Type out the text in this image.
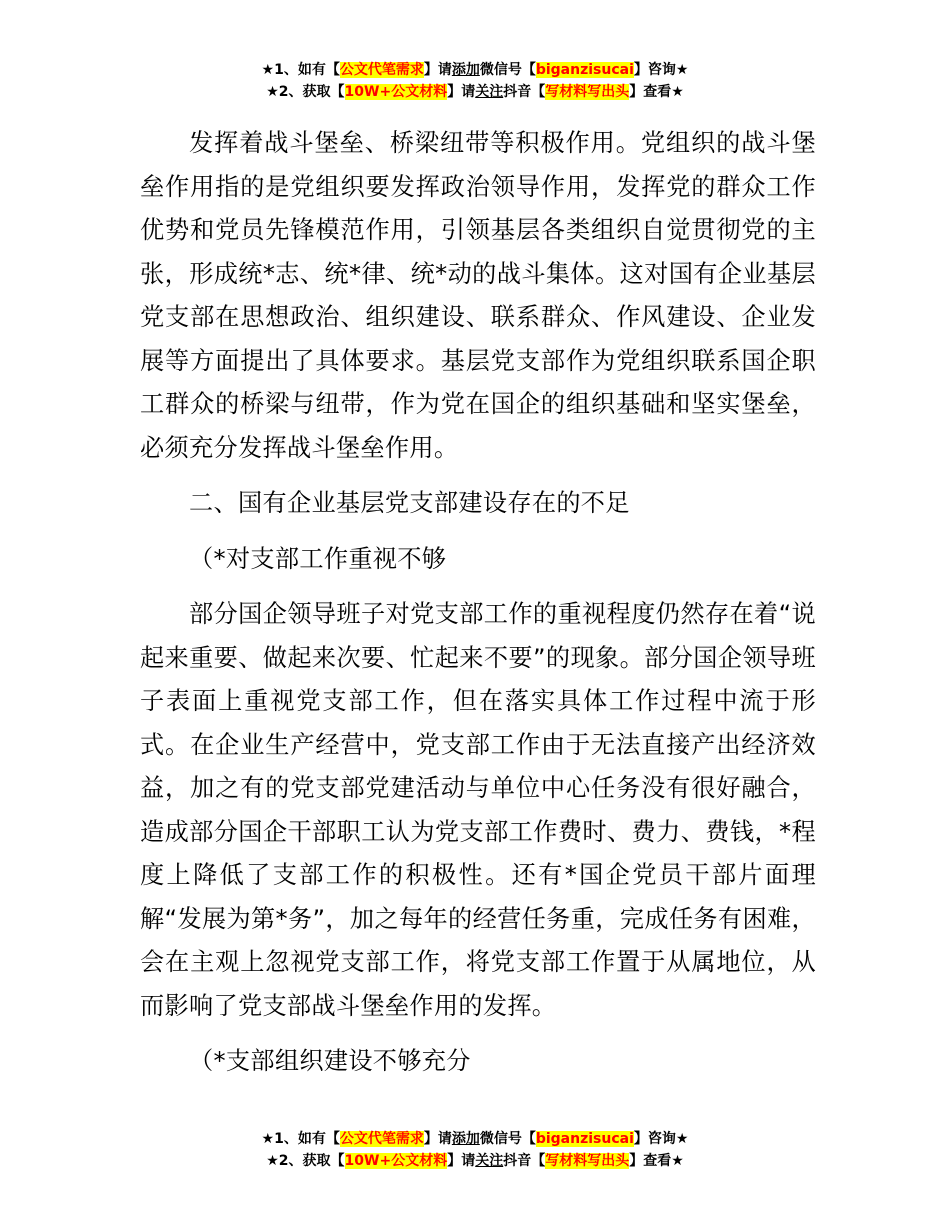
★1、如有【公文代笔需求】请添加微信号【biganzisucai】咨询★
★2、获取【10W+公文材料】请关注抖音【写材料写出头】查看★

发挥着战斗堡垒、桥梁纽带等积极作用。党组织的战斗堡垒作用指的是党组织要发挥政治领导作用，发挥党的群众工作优势和党员先锋模范作用，引领基层各类组织自觉贯彻党的主张，形成统*志、统*律、统*动的战斗集体。这对国有企业基层党支部在思想政治、组织建设、联系群众、作风建设、企业发展等方面提出了具体要求。基层党支部作为党组织联系国企职工群众的桥梁与纽带，作为党在国企的组织基础和坚实堡垒，必须充分发挥战斗堡垒作用。

二、国有企业基层党支部建设存在的不足

（*对支部工作重视不够

部分国企领导班子对党支部工作的重视程度仍然存在着“说起来重要、做起来次要、忙起来不要”的现象。部分国企领导班子表面上重视党支部工作，但在落实具体工作过程中流于形式。在企业生产经营中，党支部工作由于无法直接产出经济效益，加之有的党支部党建活动与单位中心任务没有很好融合，造成部分国企干部职工认为党支部工作费时、费力、费钱，*程度上降低了支部工作的积极性。还有*国企党员干部片面理解“发展为第*务”，加之每年的经营任务重，完成任务有困难，会在主观上忽视党支部工作，将党支部工作置于从属地位，从而影响了党支部战斗堡垒作用的发挥。

（*支部组织建设不够充分

★1、如有【公文代笔需求】请添加微信号【biganzisucai】咨询★
★2、获取【10W+公文材料】请关注抖音【写材料写出头】查看★
